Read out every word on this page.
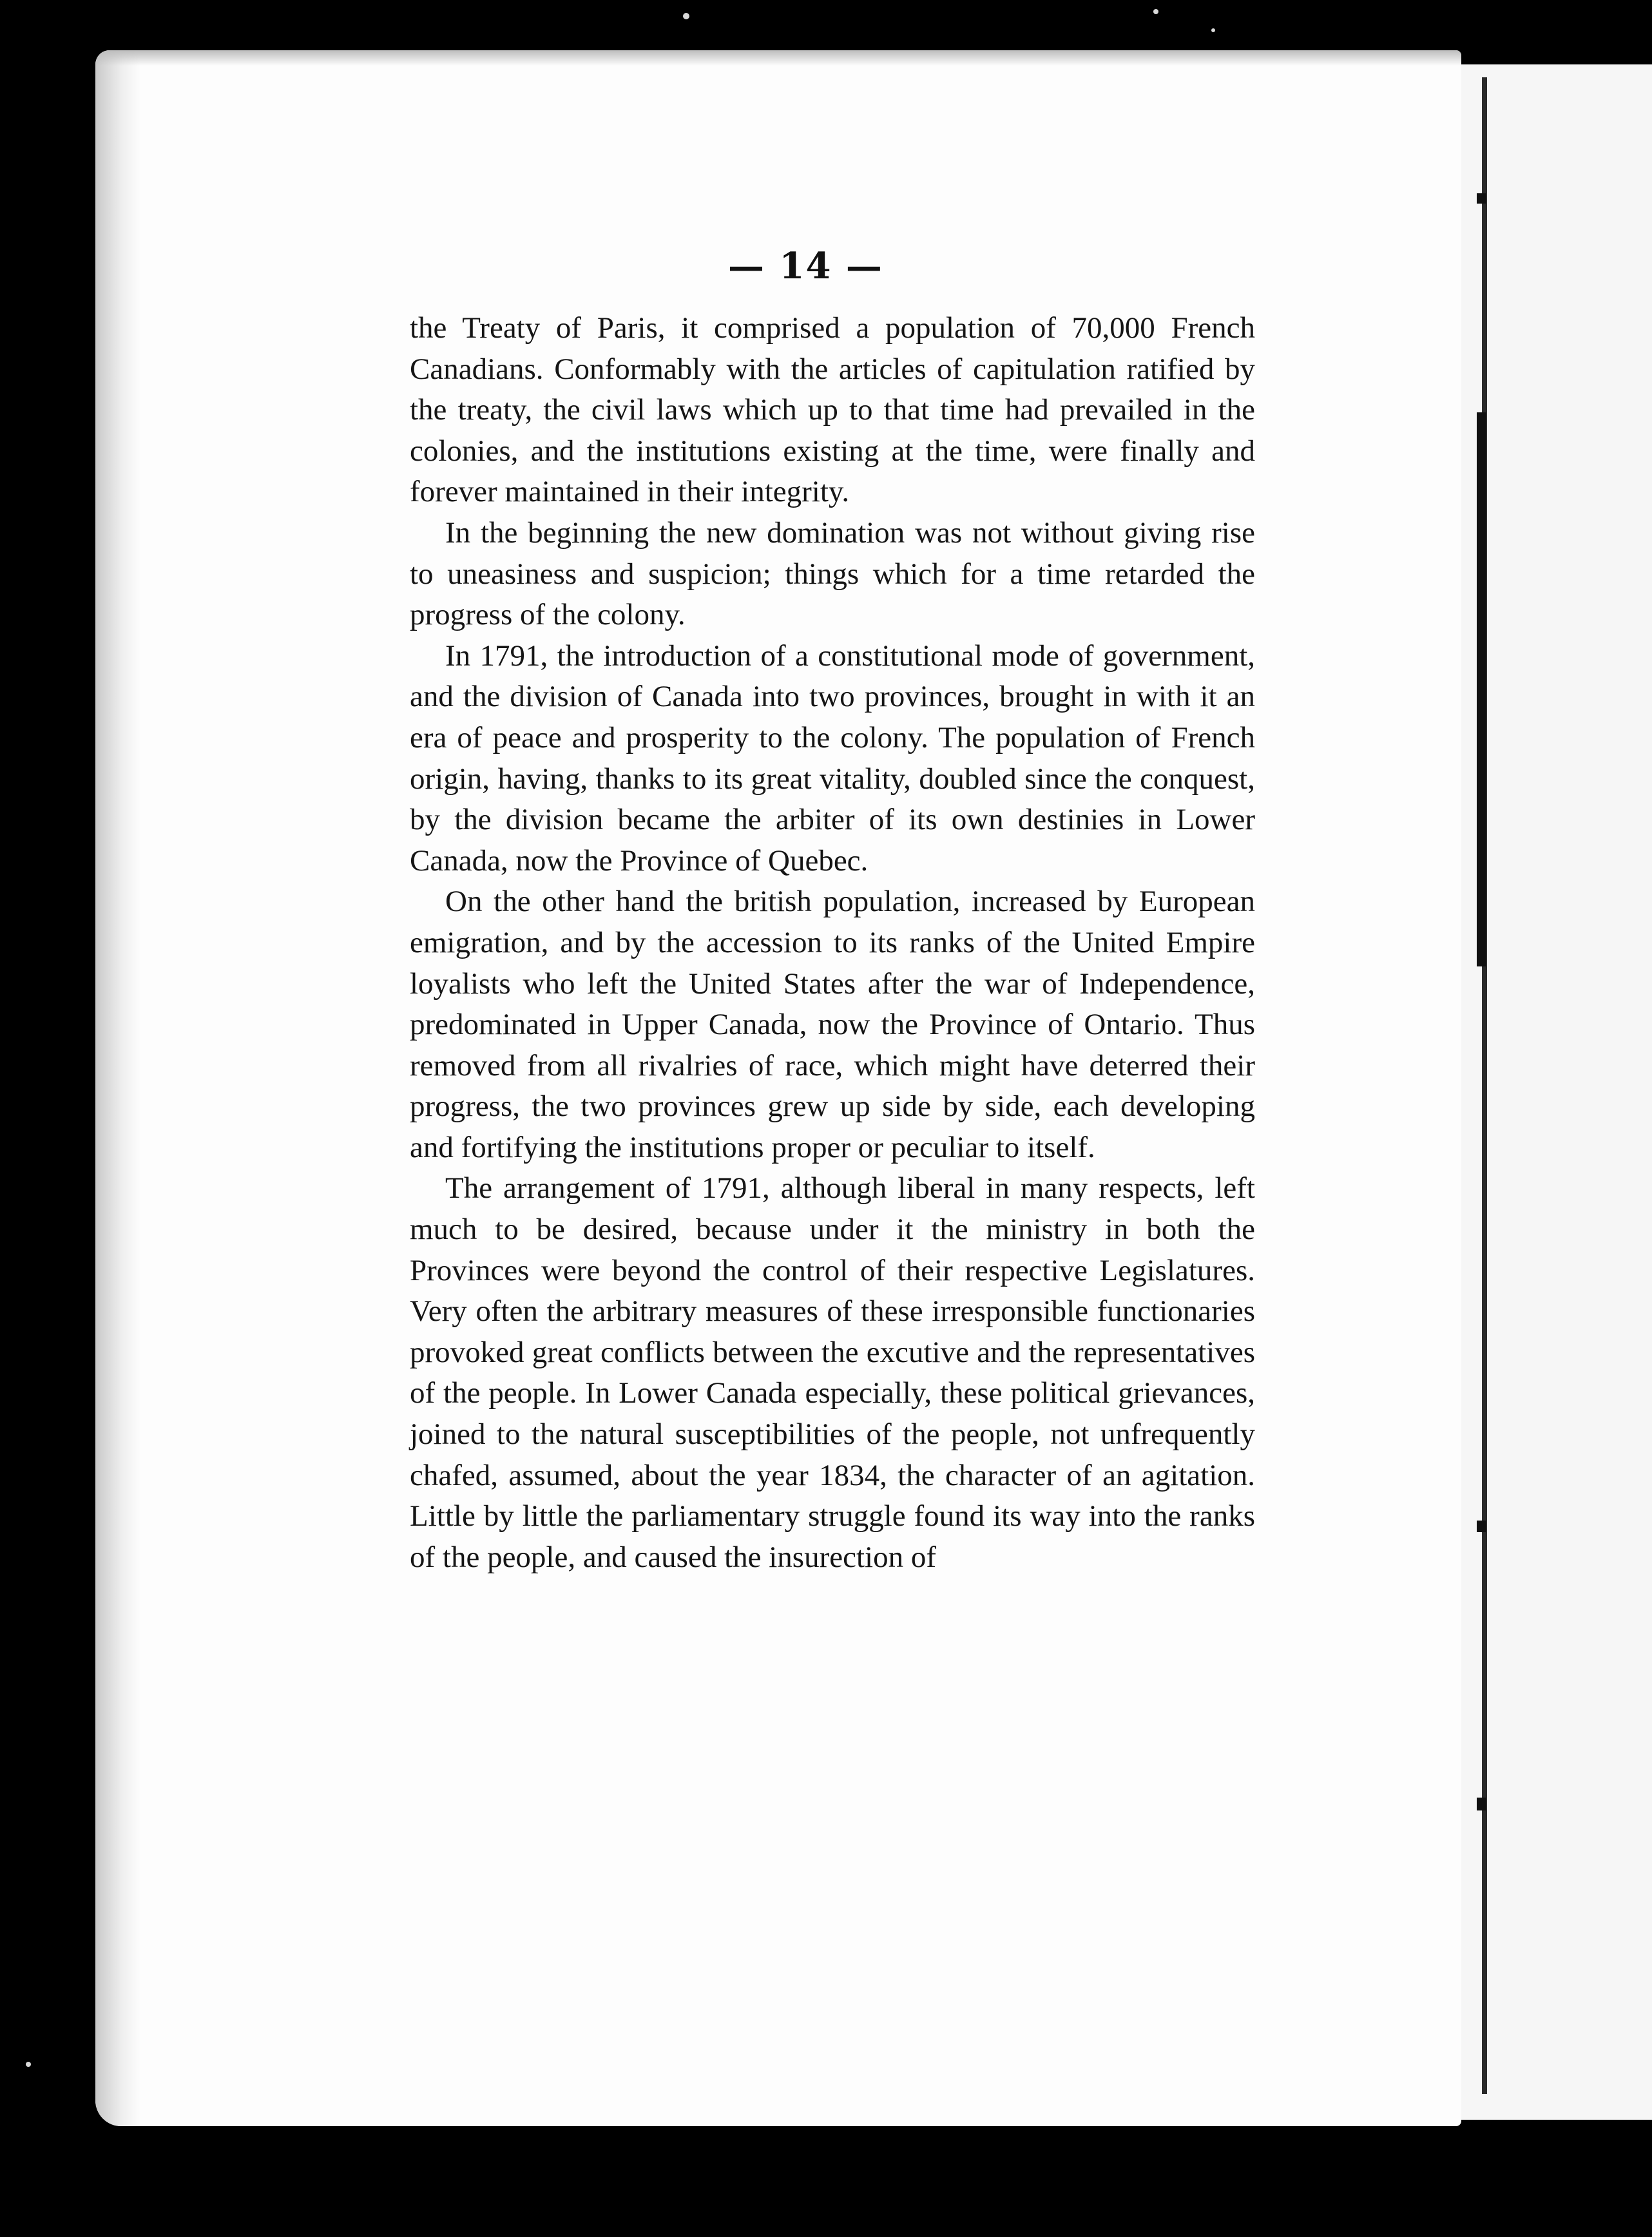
— 14 —

the Treaty of Paris, it comprised a population of 70,000 French Canadians. Conformably with the articles of capitulation ratified by the treaty, the civil laws which up to that time had prevailed in the colonies, and the institutions existing at the time, were finally and forever maintained in their integrity.

In the beginning the new domination was not without giving rise to uneasiness and suspicion; things which for a time retarded the progress of the colony.

In 1791, the introduction of a constitutional mode of government, and the division of Canada into two provinces, brought in with it an era of peace and prosperity to the colony. The population of French origin, having, thanks to its great vitality, doubled since the conquest, by the division became the arbiter of its own destinies in Lower Canada, now the Province of Quebec.

On the other hand the british population, increased by European emigration, and by the accession to its ranks of the United Empire loyalists who left the United States after the war of Independence, predominated in Upper Canada, now the Province of Ontario. Thus removed from all rivalries of race, which might have deterred their progress, the two provinces grew up side by side, each developing and fortifying the institutions proper or peculiar to itself.

The arrangement of 1791, although liberal in many respects, left much to be desired, because under it the ministry in both the Provinces were beyond the control of their respective Legislatures. Very often the arbitrary measures of these irresponsible functionaries provoked great conflicts between the excutive and the representatives of the people. In Lower Canada especially, these political grievances, joined to the natural susceptibilities of the people, not unfrequently chafed, assumed, about the year 1834, the character of an agitation. Little by little the parliamentary struggle found its way into the ranks of the people, and caused the insurection of
